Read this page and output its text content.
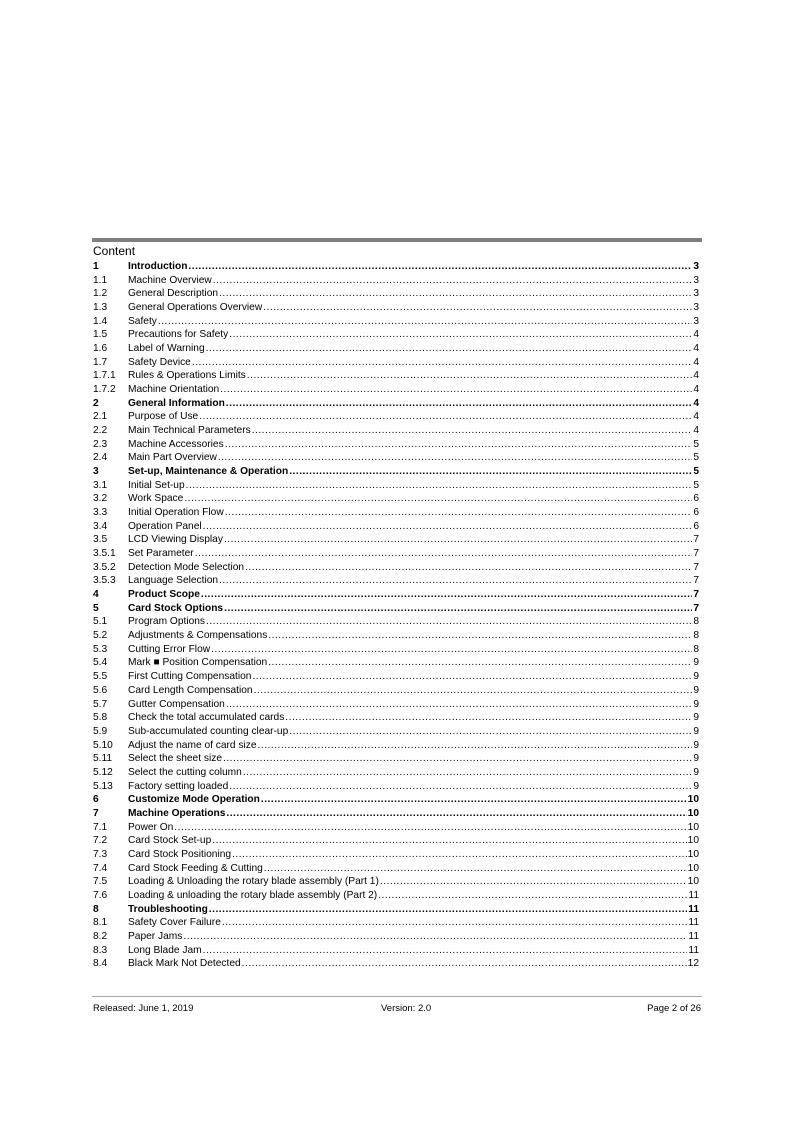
Content
1	Introduction .....	3
1.1 Machine Overview .....	3
1.2 General Description .....	3
1.3 General Operations Overview .....	3
1.4 Safety .....	3
1.5 Precautions for Safety .....	4
1.6 Label of Warning .....	4
1.7 Safety Device .....	4
1.7.1 Rules & Operations Limits .....	4
1.7.2 Machine Orientation .....	4
2	General Information .....	4
2.1 Purpose of Use .....	4
2.2 Main Technical Parameters .....	4
2.3 Machine Accessories .....	5
2.4 Main Part Overview .....	5
3	Set-up, Maintenance & Operation .....	5
3.1 Initial Set-up .....	5
3.2 Work Space .....	6
3.3 Initial Operation Flow .....	6
3.4 Operation Panel .....	6
3.5 LCD Viewing Display .....	7
3.5.1 Set Parameter .....	7
3.5.2 Detection Mode Selection .....	7
3.5.3 Language Selection .....	7
4	Product Scope .....	7
5	Card Stock Options .....	7
5.1 Program Options .....	8
5.2 Adjustments & Compensations .....	8
5.3 Cutting Error Flow .....	8
5.4 Mark ■ Position Compensation .....	9
5.5 First Cutting Compensation .....	9
5.6 Card Length Compensation .....	9
5.7 Gutter Compensation .....	9
5.8 Check the total accumulated cards .....	9
5.9 Sub-accumulated counting clear-up .....	9
5.10 Adjust the name of card size .....	9
5.11 Select the sheet size .....	9
5.12 Select the cutting column .....	9
5.13 Factory setting loaded .....	9
6	Customize Mode Operation .....	10
7	Machine Operations .....	10
7.1 Power On .....	10
7.2 Card Stock Set-up .....	10
7.3 Card Stock Positioning .....	10
7.4 Card Stock Feeding & Cutting .....	10
7.5 Loading & Unloading the rotary blade assembly (Part 1) .....	10
7.6 Loading & unloading the rotary blade assembly (Part 2) .....	11
8	Troubleshooting .....	11
8.1 Safety Cover Failure .....	11
8.2 Paper Jams .....	11
8.3 Long Blade Jam .....	11
8.4 Black Mark Not Detected .....	12
Released: June 1, 2019	Version: 2.0	Page 2 of 26
